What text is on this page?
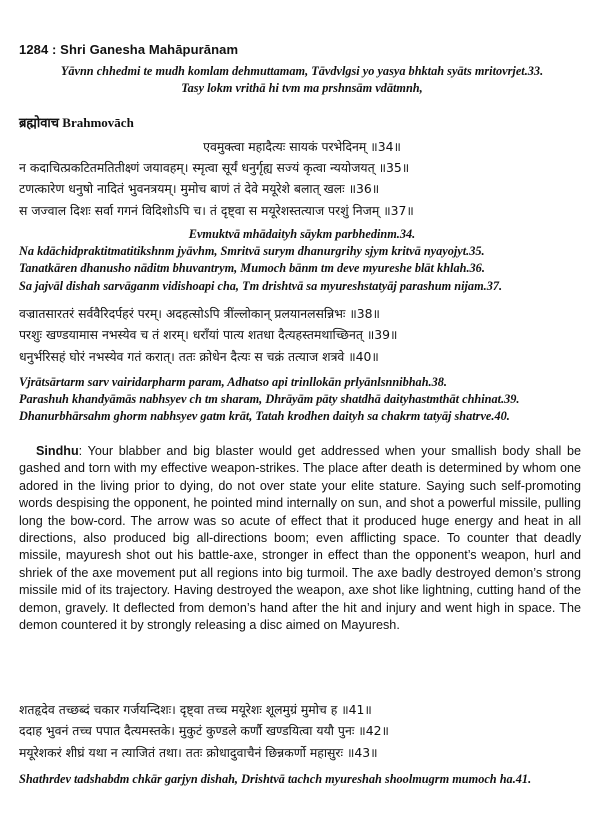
1284 : Shri Ganesha Mahāpurānam
Yāvnn chhedmi te mudh komlam dehmuttamam, Tāvdvlgsi yo yasya bhktah syāts mritovrjet.33.
Tasy lokm vrithā hi tvm ma prshnsām vdātmnh,
ब्रह्मोवाच Brahmovāch
एवमुक्त्वा महादैत्यः सायकं परभेदिनम् ॥34॥
न कदाचित्प्रकटितमतितीक्ष्णं जयावहम्। स्मृत्वा सूर्यं धनुर्गृह्य सज्यं कृत्वा न्ययोजयत् ॥35॥
टणत्कारेण धनुषो नादितं भुवनत्रयम्। मुमोच बाणं तं देवे मयूरेशे बलात् खलः ॥36॥
स जज्वाल दिशः सर्वा गगनं विदिशोऽपि च। तं दृष्ट्वा स मयूरेशस्तत्याज परशुं निजम् ॥37॥
Evmuktvā mhādaityh sāykm parbhedinm.34.
Na kdāchidpraktitmatitikshnm jyāvhm, Smritvā surym dhanurgrihy sjym kritvā nyayojyt.35.
Tanatkāren dhanusho nāditm bhuvantrym, Mumoch bānm tm deve myureshe blāt khlah.36.
Sa jajvāl dishah sarvāganm vidishoapi cha, Tm drishtvā sa myureshstatyāj parashum nijam.37.
वज्रातसारतरं सर्ववैरिदर्पहरं परम्। अदहत्सोऽपि त्रींल्लोकान् प्रलयानलसन्निभः ॥38॥
परशुः खण्डयामास नभस्येव च तं शरम्। धराँयां पात्य शतधा दैत्यहस्तमथाच्छिनत् ॥39॥
धनुर्भरिसहं घोरं नभस्येव गतं करात्। ततः क्रोधेन दैत्यः स चक्रं तत्याज शत्रवे ॥40॥
Vjrātsārtarm sarv vairidarpharm param, Adhatso api trinllokān prlyānlsnnibhah.38.
Parashuh khandyāmās nabhsyev ch tm sharam, Dhrāyām pāty shatdhā daityhastmthāt chhinat.39.
Dhanurbhārsahm ghorm nabhsyev gatm krāt, Tatah krodhen daityh sa chakrm tatyāj shatrve.40.
Sindhu: Your blabber and big blaster would get addressed when your smallish body shall be gashed and torn with my effective weapon-strikes. The place after death is determined by whom one adored in the living prior to dying, do not over state your elite stature. Saying such self-promoting words despising the opponent, he pointed mind internally on sun, and shot a powerful missile, pulling long the bow-cord. The arrow was so acute of effect that it produced huge energy and heat in all directions, also produced big all-directions boom; even afflicting space. To counter that deadly missile, mayuresh shot out his battle-axe, stronger in effect than the opponent’s weapon, hurl and shriek of the axe movement put all regions into big turmoil. The axe badly destroyed demon’s strong missile mid of its trajectory. Having destroyed the weapon, axe shot like lightning, cutting hand of the demon, gravely. It deflected from demon’s hand after the hit and injury and went high in space. The demon countered it by strongly releasing a disc aimed on Mayuresh.
शतहृदेव तच्छब्दं चकार गर्जयन्दिशः। दृष्ट्वा तच्च मयूरेशः शूलमुग्रं मुमोच ह ॥41॥
ददाह भुवनं तच्च पपात दैत्यमस्तके। मुकुटं कुण्डले कर्णौ खण्डयित्वा ययौ पुनः ॥42॥
मयूरेशकरं शीघ्रं यथा न त्याजितं तथा। ततः क्रोधादुवाचैनं छिन्नकर्णो महासुरः ॥43॥
Shathrdev tadshabdm chkār garjyn dishah, Drishtvā tachch myureshah shoolmugrm mumoch ha.41.
